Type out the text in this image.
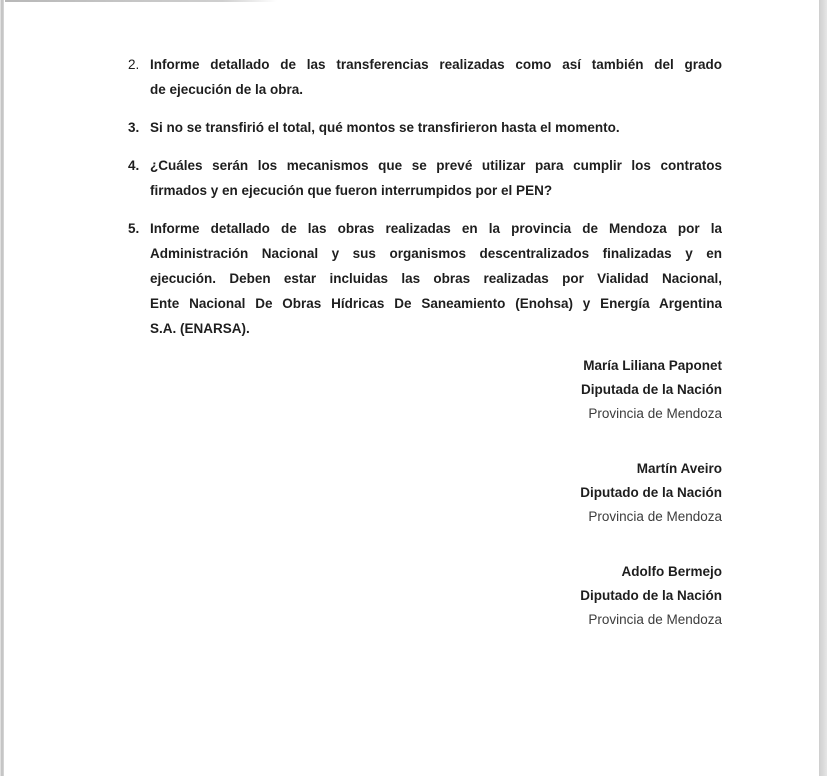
2. Informe detallado de las transferencias realizadas como así también del grado
de ejecución de la obra.
3. Si no se transfirió el total, qué montos se transfirieron hasta el momento.
4. ¿Cuáles serán los mecanismos que se prevé utilizar para cumplir los contratos
firmados y en ejecución que fueron interrumpidos por el PEN?
5. Informe detallado de las obras realizadas en la provincia de Mendoza por la
Administración Nacional y sus organismos descentralizados finalizadas y en
ejecución. Deben estar incluidas las obras realizadas por Vialidad Nacional,
Ente Nacional De Obras Hídricas De Saneamiento (Enohsa) y Energía Argentina
S.A. (ENARSA).
María Liliana Paponet
Diputada de la Nación
Provincia de Mendoza
Martín Aveiro
Diputado de la Nación
Provincia de Mendoza
Adolfo Bermejo
Diputado de la Nación
Provincia de Mendoza
